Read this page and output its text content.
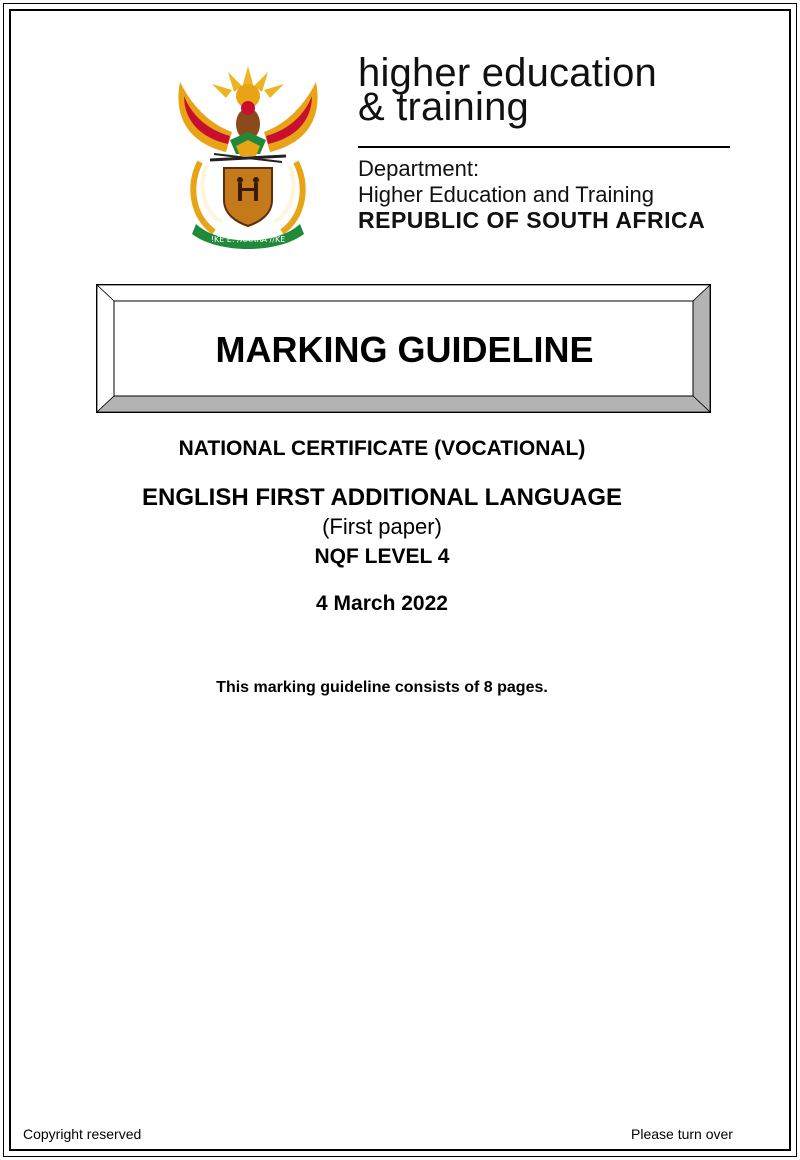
!KE E: /XARRA //KE
higher education
& training
Department:
Higher Education and Training
REPUBLIC OF SOUTH AFRICA
MARKING GUIDELINE
NATIONAL CERTIFICATE (VOCATIONAL)
ENGLISH FIRST ADDITIONAL LANGUAGE
(First paper)
NQF LEVEL 4
4 March 2022
This marking guideline consists of 8 pages.
Copyright reserved	Please turn over
